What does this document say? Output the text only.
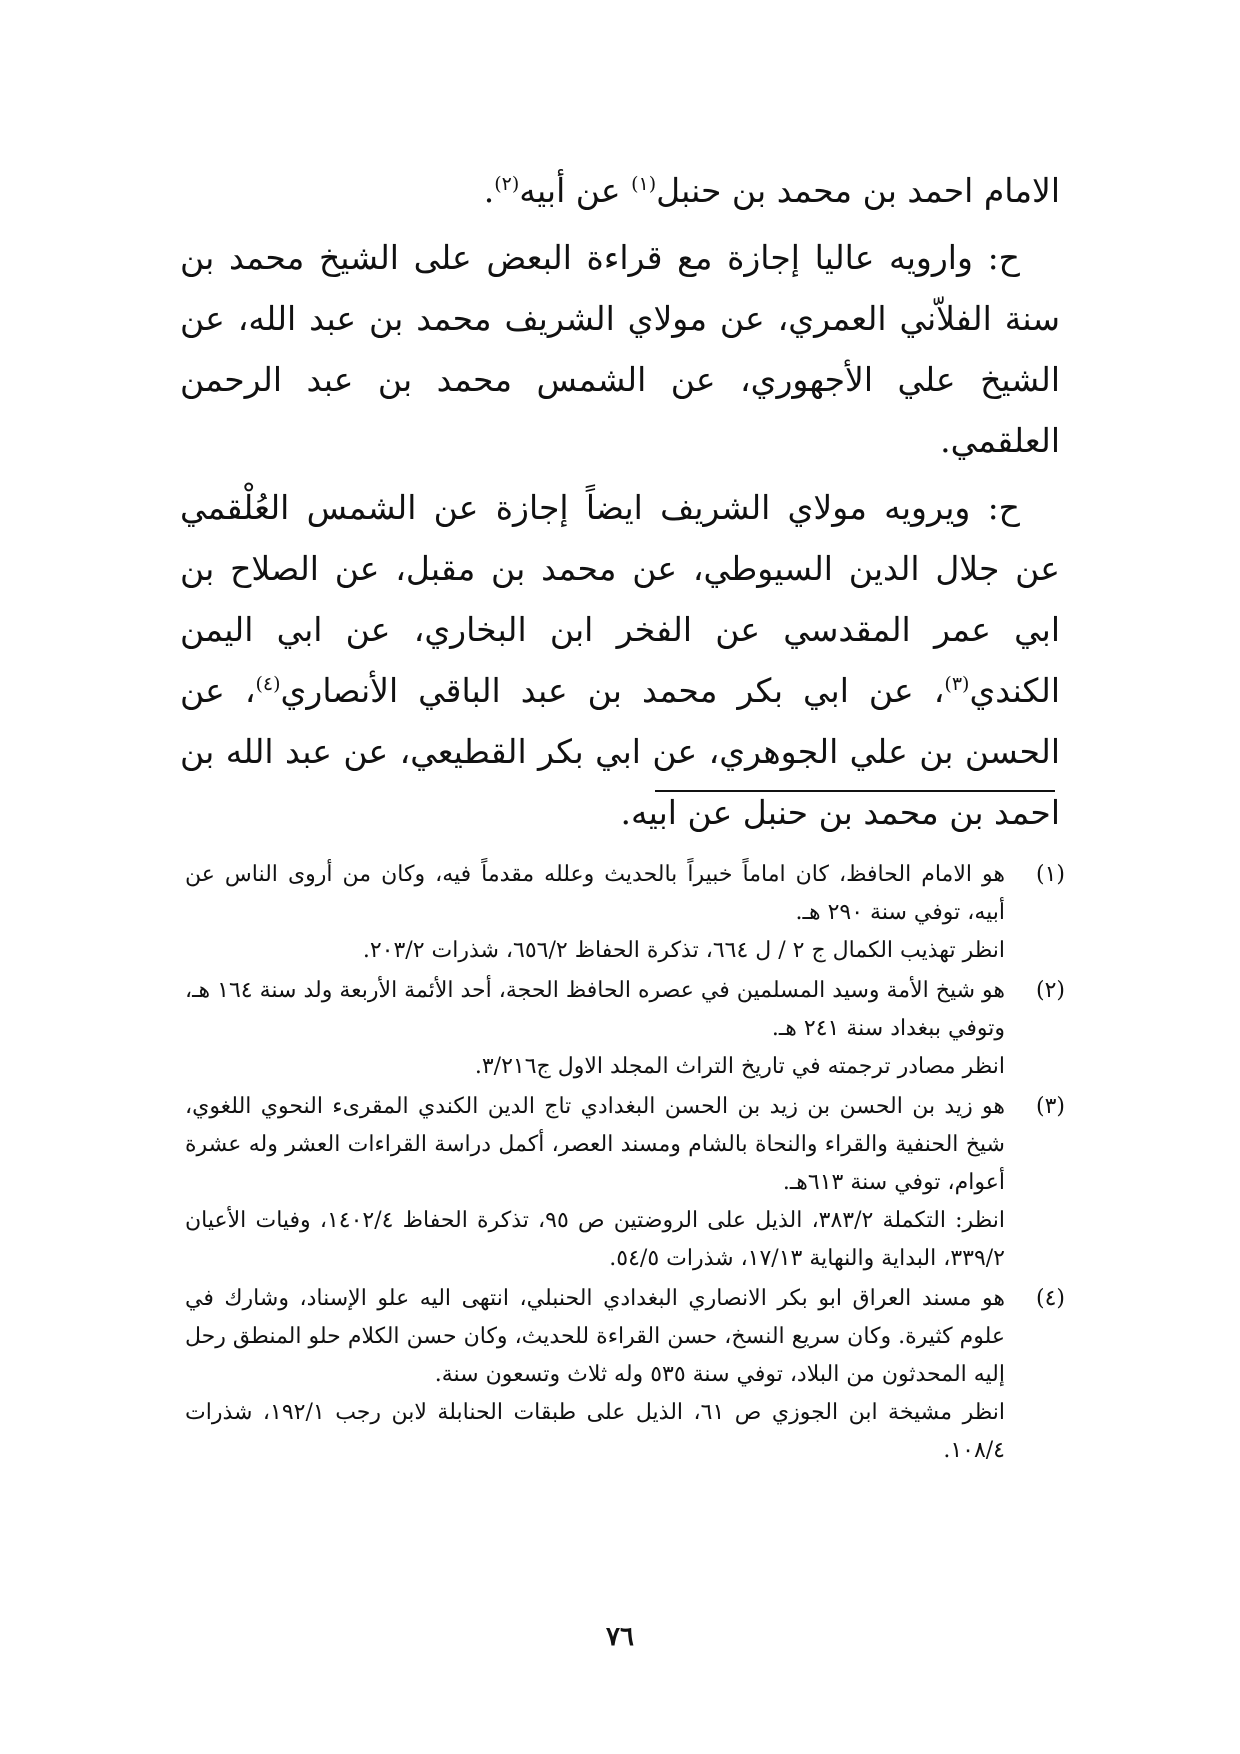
الامام احمد بن محمد بن حنبل$^{(١)}$ عن أبيه$^{(٢)}$.

ح: وارويه عاليا إجازة مع قراءة البعض على الشيخ محمد بن سنة الفلاّني العمري، عن مولاي الشريف محمد بن عبد الله، عن الشيخ علي الأجهوري، عن الشمس محمد بن عبد الرحمن العلقمي.

ح: ويرويه مولاي الشريف ايضاً إجازة عن الشمس العُلْقمي عن جلال الدين السيوطي، عن محمد بن مقبل، عن الصلاح بن ابي عمر المقدسي عن الفخر ابن البخاري، عن ابي اليمن الكندي$^{(٣)}$، عن ابي بكر محمد بن عبد الباقي الأنصاري$^{(٤)}$، عن الحسن بن علي الجوهري، عن ابي بكر القطيعي، عن عبد الله بن احمد بن محمد بن حنبل عن ابيه.

(١)

هو الامام الحافظ، كان اماماً خبيراً بالحديث وعلله مقدماً فيه، وكان من أروى الناس عن أبيه، توفي سنة ٢٩٠ هـ.

انظر تهذيب الكمال ج ٢ / ل ٦٦٤، تذكرة الحفاظ ٦٥٦/٢، شذرات ٢٠٣/٢.

(٢)

هو شيخ الأمة وسيد المسلمين في عصره الحافظ الحجة، أحد الأئمة الأربعة ولد سنة ١٦٤ هـ، وتوفي ببغداد سنة ٢٤١ هـ.

انظر مصادر ترجمته في تاريخ التراث المجلد الاول ج٣/٢١٦.

(٣)

هو زيد بن الحسن بن زيد بن الحسن البغدادي تاج الدين الكندي المقرىء النحوي اللغوي، شيخ الحنفية والقراء والنحاة بالشام ومسند العصر، أكمل دراسة القراءات العشر وله عشرة أعوام، توفي سنة ٦١٣هـ.

انظر: التكملة ٣٨٣/٢، الذيل على الروضتين ص ٩٥، تذكرة الحفاظ ١٤٠٢/٤، وفيات الأعيان ٣٣٩/٢، البداية والنهاية ١٧/١٣، شذرات ٥٤/٥.

(٤)

هو مسند العراق ابو بكر الانصاري البغدادي الحنبلي، انتهى اليه علو الإسناد، وشارك في علوم كثيرة. وكان سريع النسخ، حسن القراءة للحديث، وكان حسن الكلام حلو المنطق رحل إليه المحدثون من البلاد، توفي سنة ٥٣٥ وله ثلاث وتسعون سنة.

انظر مشيخة ابن الجوزي ص ٦١، الذيل على طبقات الحنابلة لابن رجب ١٩٢/١، شذرات ١٠٨/٤.

٧٦
